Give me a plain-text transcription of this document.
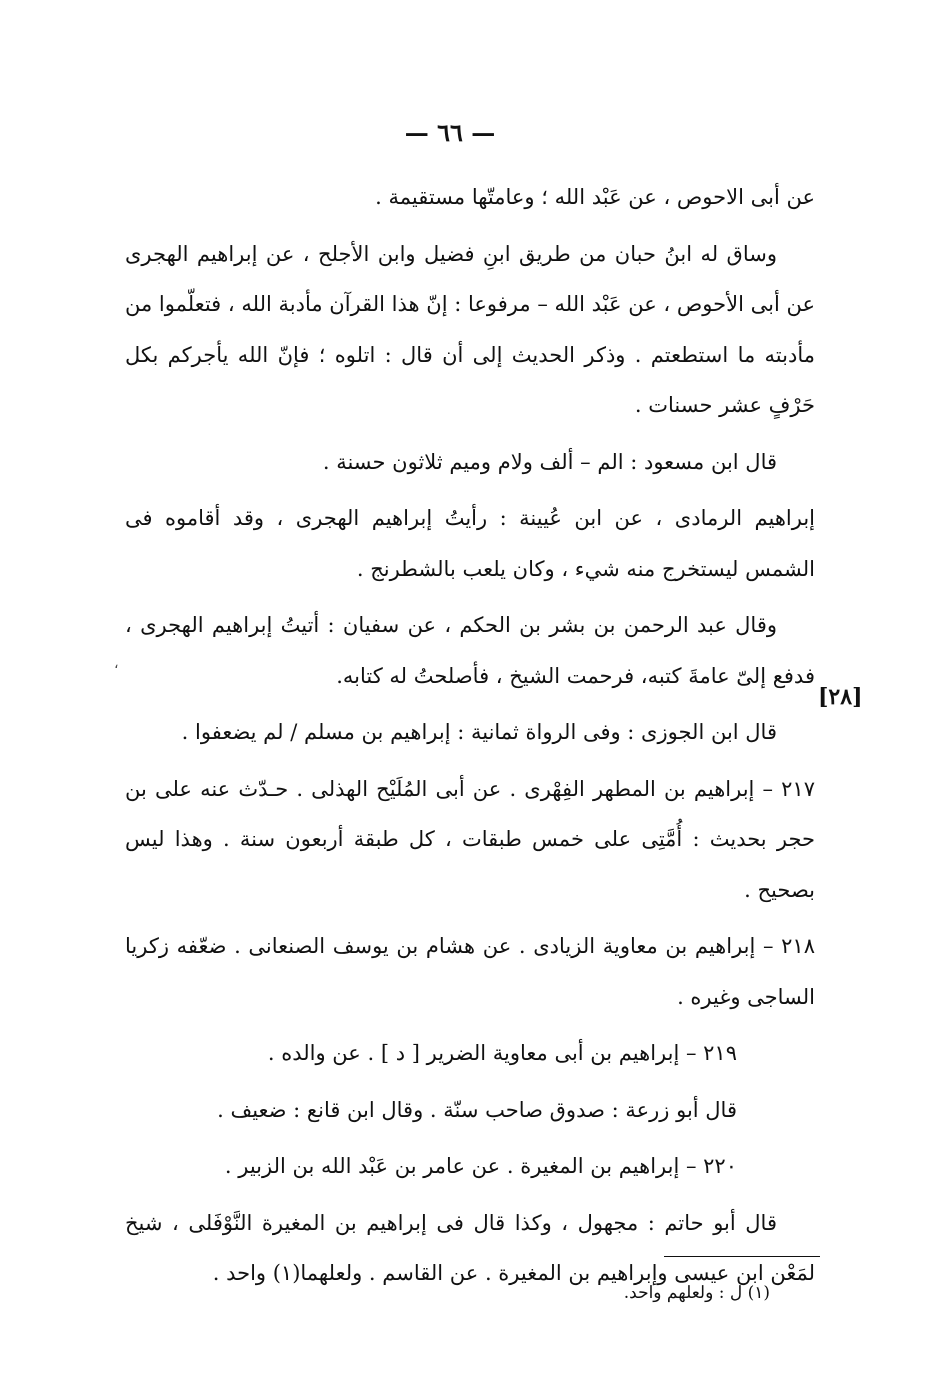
— ٦٦ —
[٢٨]
،

عن أبى الاحوص ، عن عَبْد الله ؛ وعامتّها مستقيمة .

وساق له ابنُ حبان من طريق ابنِ فضيل وابن الأجلح ، عن إبراهيم الهجرى عن أبى الأحوص ، عن عَبْد الله – مرفوعا : إنّ هذا القرآن مأدبة الله ، فتعلّموا من مأدبته ما استطعتم . وذكر الحديث إلى أن قال : اتلوه ؛ فإنّ الله يأجركم بكل حَرْفٍ عشر حسنات .

قال ابن مسعود : الم – ألف ولام وميم ثلاثون حسنة .

إبراهيم الرمادى ، عن ابن عُيينة : رأيتُ إبراهيم الهجرى ، وقد أقاموه فى الشمس ليستخرج منه شيء ، وكان يلعب بالشطرنج .

وقال عبد الرحمن بن بشر بن الحكم ، عن سفيان : أتيتُ إبراهيم الهجرى ، فدفع إلىّ عامةَ كتبه، فرحمت الشيخ ، فأصلحتُ له كتابه.

قال ابن الجوزى : وفى الرواة ثمانية : إبراهيم بن مسلم / لم يضعفوا .

٢١٧ – إبراهيم بن المطهر الفِهْرى . عن أبى المُلَيْح الهذلى . حـدّث عنه على بن حجر بحديث : أُمَّتِى على خمس طبقات ، كل طبقة أربعون سنة . وهذا ليس بصحيح .

٢١٨ – إبراهيم بن معاوية الزيادى . عن هشام بن يوسف الصنعانى . ضعّفه زكريا الساجى وغيره .

٢١٩ – إبراهيم بن أبى معاوية الضرير [ د ] . عن والده .

قال أبو زرعة : صدوق صاحب سنّة . وقال ابن قانع : ضعيف .

٢٢٠ – إبراهيم بن المغيرة . عن عامر بن عَبْد الله بن الزبير .

قال أبو حاتم : مجهول ، وكذا قال فى إبراهيم بن المغيرة النَّوْفَلى ، شيخ لمَعْن ابن عيسى وإبراهيم بن المغيرة . عن القاسم . ولعلهما(١) واحد .

(١) ل : ولعلهم واحد.
